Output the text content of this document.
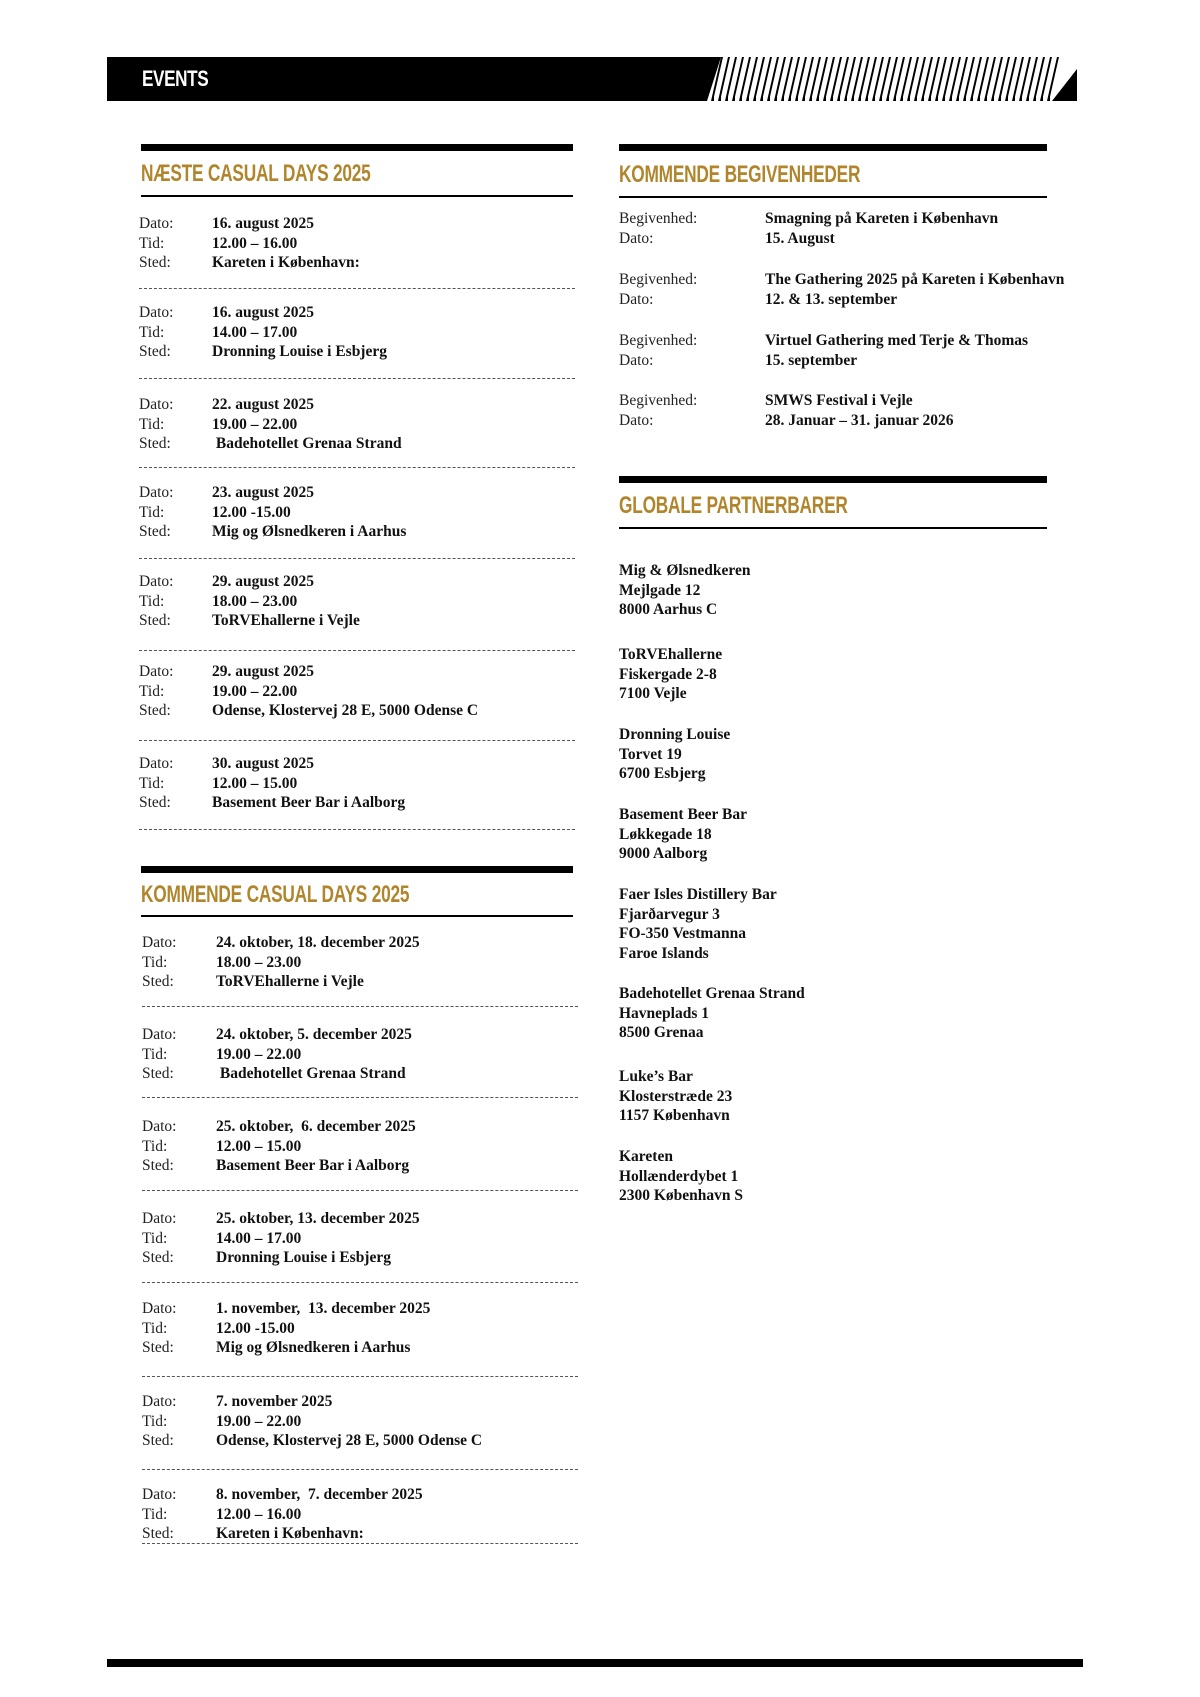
EVENTS
NÆSTE CASUAL DAYS 2025
Dato:	16. august 2025
Tid:	12.00 – 16.00
Sted:	Kareten i København:
Dato:	16. august 2025
Tid:	14.00 – 17.00
Sted:	Dronning Louise i Esbjerg
Dato:	22. august 2025
Tid:	19.00 – 22.00
Sted:	Badehotellet Grenaa Strand
Dato:	23. august 2025
Tid:	12.00 -15.00
Sted:	Mig og Ølsnedkeren i Aarhus
Dato:	29. august 2025
Tid:	18.00 – 23.00
Sted:	ToRVEhallerne i Vejle
Dato:	29. august 2025
Tid:	19.00 – 22.00
Sted:	Odense, Klostervej 28 E, 5000 Odense C
Dato:	30. august 2025
Tid:	12.00 – 15.00
Sted:	Basement Beer Bar i Aalborg
KOMMENDE CASUAL DAYS 2025
Dato:	24. oktober, 18. december 2025
Tid:	18.00 – 23.00
Sted:	ToRVEhallerne i Vejle
Dato:	24. oktober, 5. december 2025
Tid:	19.00 – 22.00
Sted:	Badehotellet Grenaa Strand
Dato:	25. oktober,  6. december 2025
Tid:	12.00 – 15.00
Sted:	Basement Beer Bar i Aalborg
Dato:	25. oktober, 13. december 2025
Tid:	14.00 – 17.00
Sted:	Dronning Louise i Esbjerg
Dato:	1. november,  13. december 2025
Tid:	12.00 -15.00
Sted:	Mig og Ølsnedkeren i Aarhus
Dato:	7. november 2025
Tid:	19.00 – 22.00
Sted:	Odense, Klostervej 28 E, 5000 Odense C
Dato:	8. november,  7. december 2025
Tid:	12.00 – 16.00
Sted:	Kareten i København:
KOMMENDE BEGIVENHEDER
Begivenhed:	Smagning på Kareten i København
Dato:	15. August
Begivenhed:	The Gathering 2025 på Kareten i København
Dato:	12. & 13. september
Begivenhed:	Virtuel Gathering med Terje & Thomas
Dato:	15. september
Begivenhed:	SMWS Festival i Vejle
Dato:	28. Januar – 31. januar 2026
GLOBALE PARTNERBARER
Mig & Ølsnedkeren
Mejlgade 12
8000 Aarhus C
ToRVEhallerne
Fiskergade 2-8
7100 Vejle
Dronning Louise
Torvet 19
6700 Esbjerg
Basement Beer Bar
Løkkegade 18
9000 Aalborg
Faer Isles Distillery Bar
Fjarðarvegur 3
FO-350 Vestmanna
Faroe Islands
Badehotellet Grenaa Strand
Havneplads 1
8500 Grenaa
Luke’s Bar
Klosterstræde 23
1157 København
Kareten
Hollænderdybet 1
2300 København S
